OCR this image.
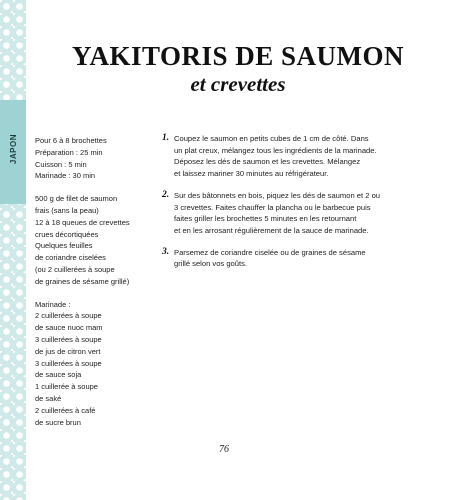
JAPON
YAKITORIS DE SAUMON
et crevettes
Pour 6 à 8 brochettes
Préparation : 25 min
Cuisson : 5 min
Marinade : 30 min
500 g de filet de saumon
frais (sans la peau)
12 à 18 queues de crevettes
crues décortiquées
Quelques feuilles
de coriandre ciselées
(ou 2 cuillerées à soupe
de graines de sésame grillé)
Marinade :
2 cuillerées à soupe
de sauce nuoc mam
3 cuillerées à soupe
de jus de citron vert
3 cuillerées à soupe
de sauce soja
1 cuillerée à soupe
de saké
2 cuillerées à café
de sucre brun
1. Coupez le saumon en petits cubes de 1 cm de côté. Dans
un plat creux, mélangez tous les ingrédients de la marinade.
Déposez les dés de saumon et les crevettes. Mélangez
et laissez mariner 30 minutes au réfrigérateur.
2. Sur des bâtonnets en bois, piquez les dés de saumon et 2 ou
3 crevettes. Faites chauffer la plancha ou le barbecue puis
faites griller les brochettes 5 minutes en les retournant
et en les arrosant régulièrement de la sauce de marinade.
3. Parsemez de coriandre ciselée ou de graines de sésame
grillé selon vos goûts.
76
